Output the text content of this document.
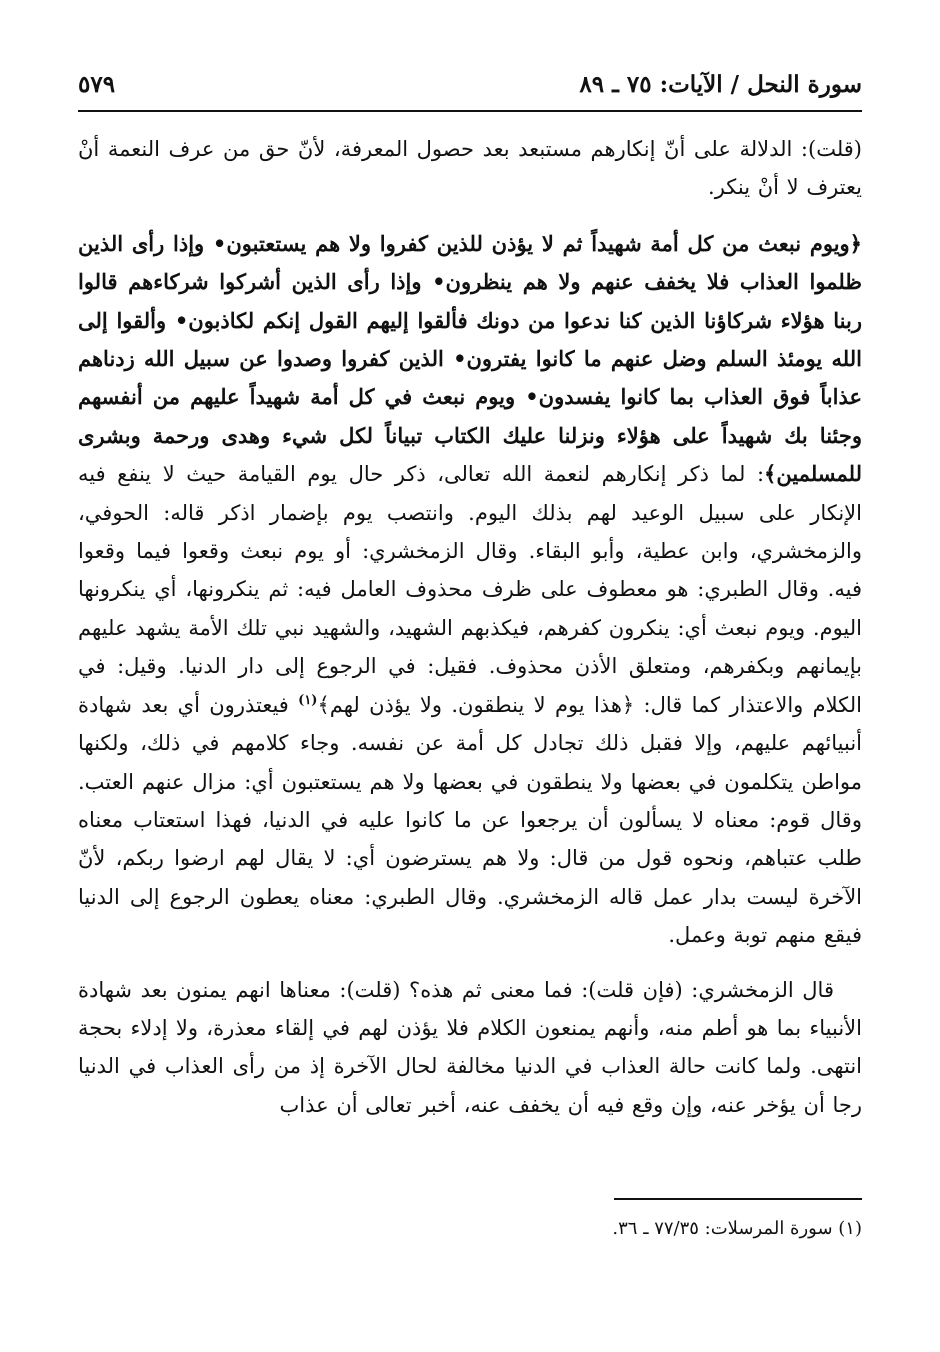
سورة النحل / الآيات: ٧٥ ـ ٨٩
٥٧٩

(قلت): الدلالة على أنّ إنكارهم مستبعد بعد حصول المعرفة، لأنّ حق من عرف النعمة أنْ يعترف لا أنْ ينكر.

﴿ويوم نبعث من كل أمة شهيداً ثم لا يؤذن للذين كفروا ولا هم يستعتبون• وإذا رأى الذين ظلموا العذاب فلا يخفف عنهم ولا هم ينظرون• وإذا رأى الذين أشركوا شركاءهم قالوا ربنا هؤلاء شركاؤنا الذين كنا ندعوا من دونك فألقوا إليهم القول إنكم لكاذبون• وألقوا إلى الله يومئذ السلم وضل عنهم ما كانوا يفترون• الذين كفروا وصدوا عن سبيل الله زدناهم عذاباً فوق العذاب بما كانوا يفسدون• ويوم نبعث في كل أمة شهيداً عليهم من أنفسهم وجئنا بك شهيداً على هؤلاء ونزلنا عليك الكتاب تبياناً لكل شيء وهدى ورحمة وبشرى للمسلمين﴾: لما ذكر إنكارهم لنعمة الله تعالى، ذكر حال يوم القيامة حيث لا ينفع فيه الإنكار على سبيل الوعيد لهم بذلك اليوم. وانتصب يوم بإضمار اذكر قاله: الحوفي، والزمخشري، وابن عطية، وأبو البقاء. وقال الزمخشري: أو يوم نبعث وقعوا فيما وقعوا فيه. وقال الطبري: هو معطوف على ظرف محذوف العامل فيه: ثم ينكرونها، أي ينكرونها اليوم. ويوم نبعث أي: ينكرون كفرهم، فيكذبهم الشهيد، والشهيد نبي تلك الأمة يشهد عليهم بإيمانهم وبكفرهم، ومتعلق الأذن محذوف. فقيل: في الرجوع إلى دار الدنيا. وقيل: في الكلام والاعتذار كما قال: ﴿هذا يوم لا ينطقون. ولا يؤذن لهم﴾$^{(١)}$ فيعتذرون أي بعد شهادة أنبيائهم عليهم، وإلا فقبل ذلك تجادل كل أمة عن نفسه. وجاء كلامهم في ذلك، ولكنها مواطن يتكلمون في بعضها ولا ينطقون في بعضها ولا هم يستعتبون أي: مزال عنهم العتب. وقال قوم: معناه لا يسألون أن يرجعوا عن ما كانوا عليه في الدنيا، فهذا استعتاب معناه طلب عتباهم، ونحوه قول من قال: ولا هم يسترضون أي: لا يقال لهم ارضوا ربكم، لأنّ الآخرة ليست بدار عمل قاله الزمخشري. وقال الطبري: معناه يعطون الرجوع إلى الدنيا فيقع منهم توبة وعمل.

قال الزمخشري: (فإن قلت): فما معنى ثم هذه؟ (قلت): معناها انهم يمنون بعد شهادة الأنبياء بما هو أطم منه، وأنهم يمنعون الكلام فلا يؤذن لهم في إلقاء معذرة، ولا إدلاء بحجة انتهى. ولما كانت حالة العذاب في الدنيا مخالفة لحال الآخرة إذ من رأى العذاب في الدنيا رجا أن يؤخر عنه، وإن وقع فيه أن يخفف عنه، أخبر تعالى أن عذاب

(١) سورة المرسلات: ٧٧/٣٥ ـ ٣٦.
